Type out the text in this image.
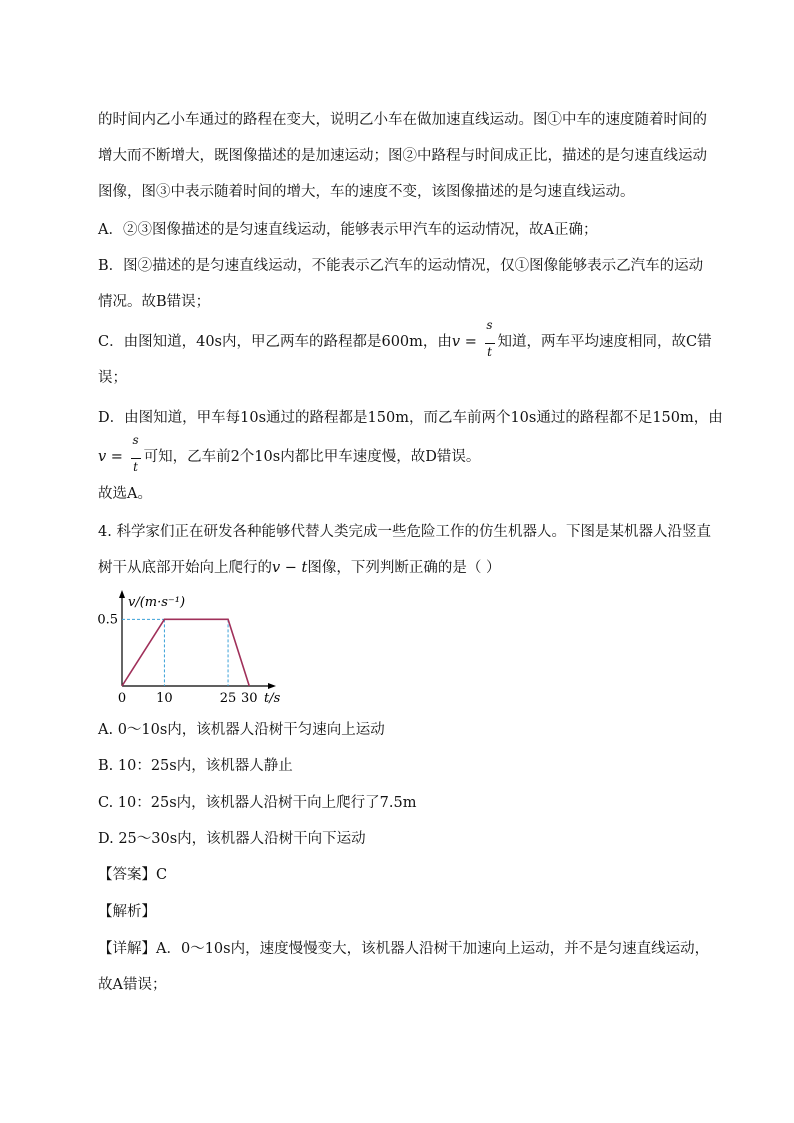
的时间内乙小车通过的路程在变大，说明乙小车在做加速直线运动。图①中车的速度随着时间的
增大而不断增大，既图像描述的是加速运动；图②中路程与时间成正比，描述的是匀速直线运动
图像，图③中表示随着时间的增大，车的速度不变，该图像描述的是匀速直线运动。
A．②③图像描述的是匀速直线运动，能够表示甲汽车的运动情况，故A正确；
B．图②描述的是匀速直线运动，不能表示乙汽车的运动情况，仅①图像能够表示乙汽车的运动
情况。故B错误；
C．由图知道，40s内，甲乙两车的路程都是600m，由$v = \frac{s}{t}$ 知道，两车平均速度相同，故C错
误；
D．由图知道，甲车每10s通过的路程都是150m，而乙车前两个10s通过的路程都不足150m，由
$v = \frac{s}{t}$ 可知，乙车前2个10s内都比甲车速度慢，故D错误。
故选A。
4. 科学家们正在研发各种能够代替人类完成一些危险工作的仿生机器人。下图是某机器人沿竖直
树干从底部开始向上爬行的v − t图像，下列判断正确的是（ ）
0 10	25 30
0.5
v/(m·s⁻¹)
t/s
A. 0～10s内，该机器人沿树干匀速向上运动
B. 10：25s内，该机器人静止
C. 10：25s内，该机器人沿树干向上爬行了7.5m
D. 25～30s内，该机器人沿树干向下运动
【答案】C
【解析】
【详解】A．0～10s内，速度慢慢变大，该机器人沿树干加速向上运动，并不是匀速直线运动，
故A错误；
